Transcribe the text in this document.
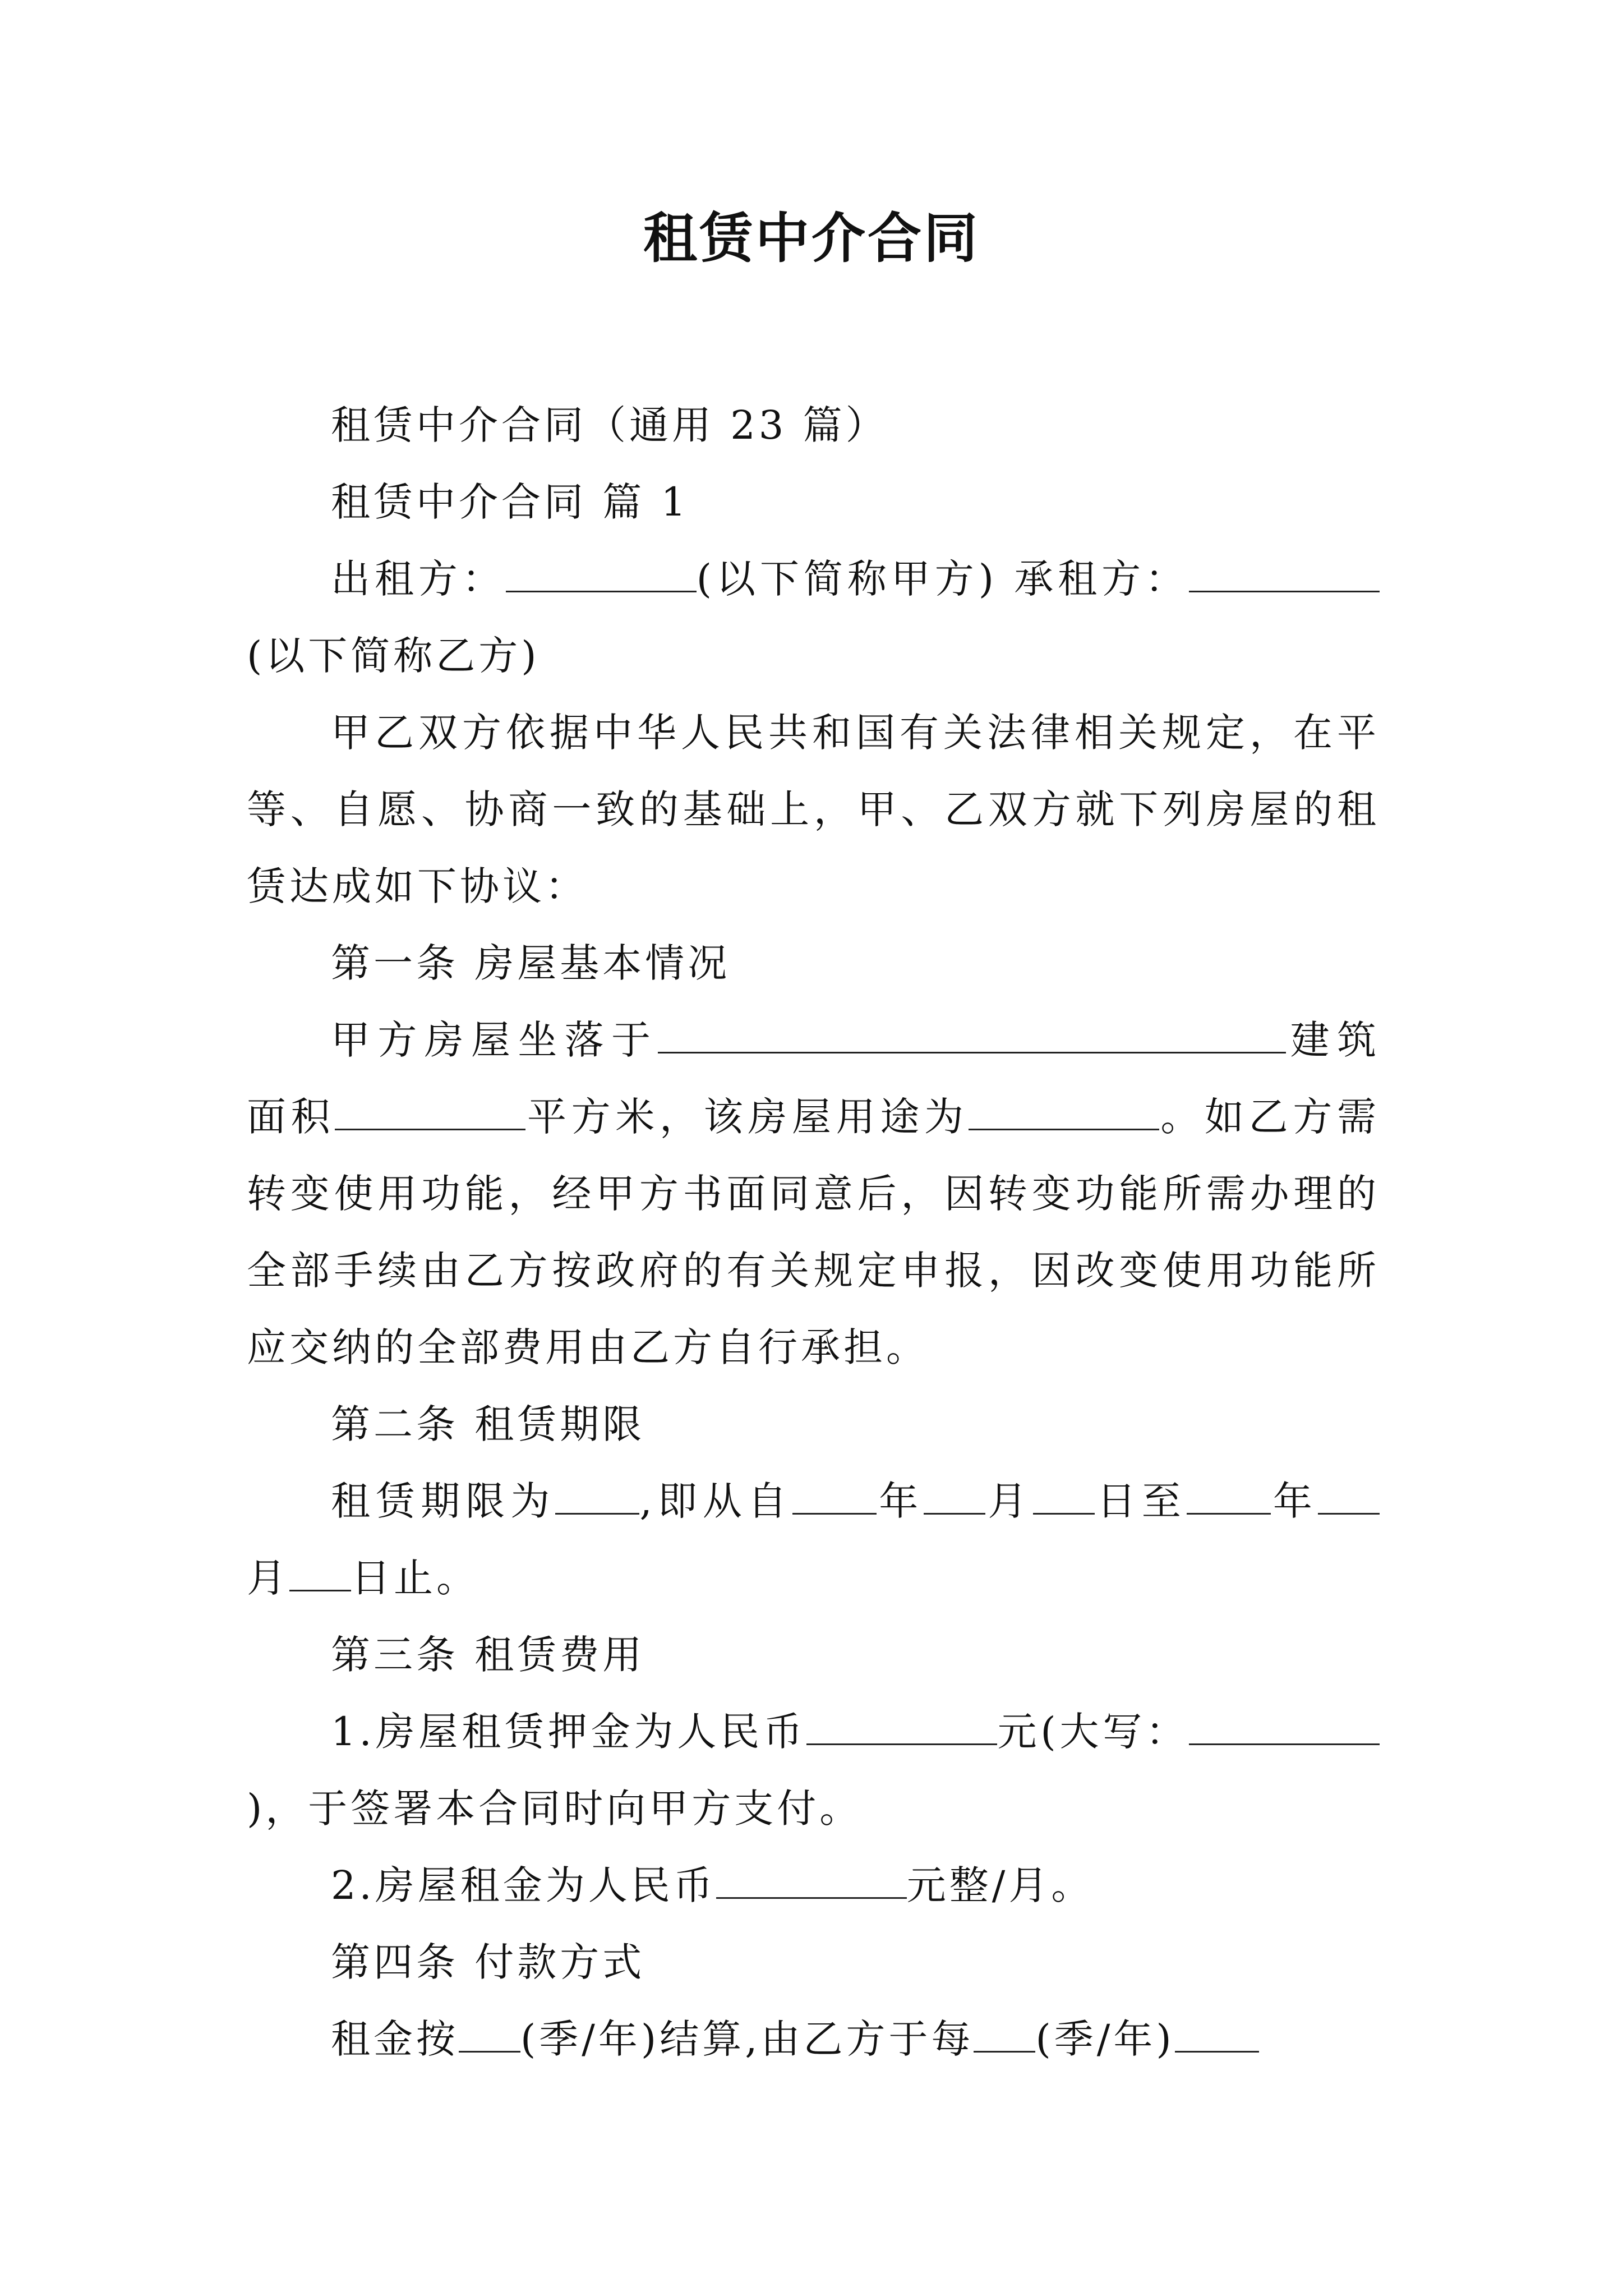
租赁中介合同

租赁中介合同（通用 23 篇）

租赁中介合同 篇 1

出租方：	(以下简称甲方) 承租方：(以下简称乙方)

甲乙双方依据中华人民共和国有关法律相关规定，在平等、自愿、协商一致的基础上，甲、乙双方就下列房屋的租赁达成如下协议：

第一条 房屋基本情况

甲方房屋坐落于	建筑面积	平方米，该房屋用途为	。如乙方需转变使用功能，经甲方书面同意后，因转变功能所需办理的全部手续由乙方按政府的有关规定申报，因改变使用功能所应交纳的全部费用由乙方自行承担。

第二条 租赁期限

租赁期限为 ,即从自 年 月 日至 年月 日止。

第三条 租赁费用

1.房屋租赁押金为人民币	元(大写：)，于签署本合同时向甲方支付。

2.房屋租金为人民币	元整/月。

第四条 付款方式

租金按 (季/年)结算,由乙方于每 (季/年)
